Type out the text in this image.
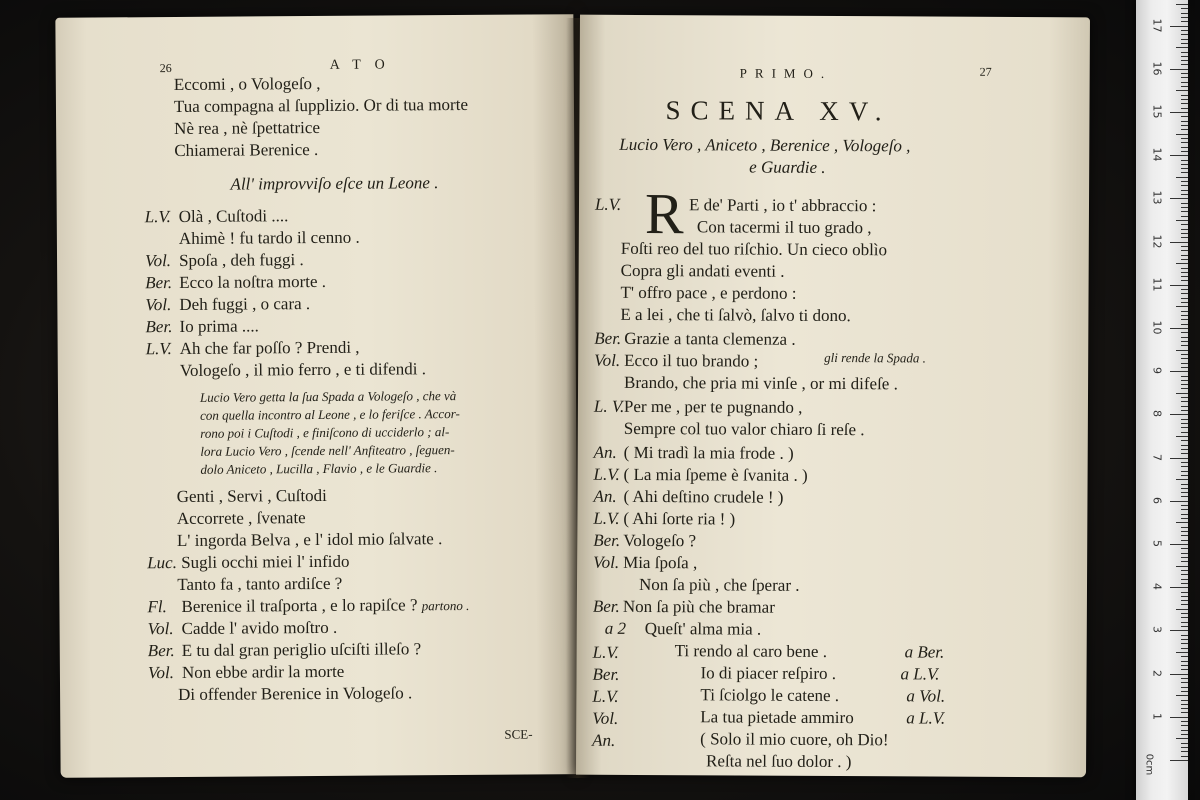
26	ATO
Eccomi , o Vologeſo ,
Tua compagna al ſupplizio. Or di tua morte
Nè rea , nè ſpettatrice
Chiamerai Berenice .
All' improvviſo eſce un Leone .
L.V. Olà , Cuſtodi ....
Ahimè ! fu tardo il cenno .
Vol. Spoſa , deh fuggi .
Ber. Ecco la noſtra morte .
Vol. Deh fuggi , o cara .
Ber. Io prima ....
L.V. Ah che far poſſo ? Prendi ,
Vologeſo , il mio ferro , e ti difendi .
Lucio Vero getta la ſua Spada a Vologeſo , che và
con quella incontro al Leone , e lo feriſce . Accor-
rono poi i Cuſtodi , e finiſcono di ucciderlo ; al-
lora Lucio Vero , ſcende nell' Anfiteatro , ſeguen-
dolo Aniceto , Lucilla , Flavio , e le Guardie .
Genti , Servi , Cuſtodi
Accorrete , ſvenate
L' ingorda Belva , e l' idol mio ſalvate .
Luc. Sugli occhi miei l' infido
Tanto fa , tanto ardiſce ?
Fl. Berenice il traſporta , e lo rapiſce ? partono .
Vol. Cadde l' avido moſtro .
Ber. E tu dal gran periglio uſciſti illeſo ?
Vol. Non ebbe ardir la morte
Di offender Berenice in Vologeſo .
SCE-
PRIMO.	27
SCENA XV.
Lucio Vero , Aniceto , Berenice , Vologeſo ,
e Guardie .
L.V. R E de' Parti , io t' abbraccio :
Con tacermi il tuo grado ,
Foſti reo del tuo riſchio. Un cieco oblìo
Copra gli andati eventi .
T' offro pace , e perdono :
E a lei , che ti ſalvò, ſalvo ti dono.
Ber. Grazie a tanta clemenza .
Vol. Ecco il tuo brando ;	gli rende la Spada .
Brando, che pria mi vinſe , or mi difeſe .
L. V.Per me , per te pugnando ,
Sempre col tuo valor chiaro ſi reſe .
An. ( Mi tradì la mia frode . )
L.V. ( La mia ſpeme è ſvanita . )
An. ( Ahi deſtino crudele ! )
L.V. ( Ahi ſorte ria ! )
Ber. Vologeſo ?
Vol. Mia ſpoſa ,
Non ſa più , che ſperar .
Ber. Non ſa più che bramar
a 2 Queſt' alma mia .
L.V.	Ti rendo al caro bene .	a Ber.
Ber.	Io di piacer reſpiro .	a L.V.
L.V.	Ti ſciolgo le catene .	a Vol.
Vol.	La tua pietade ammiro	a L.V.
An.	( Solo il mio cuore, oh Dio!
Reſta nel ſuo dolor . )
1
2
3
4
5
6
7
8
9
10
11
12
13
14
15
16
17
0cm
